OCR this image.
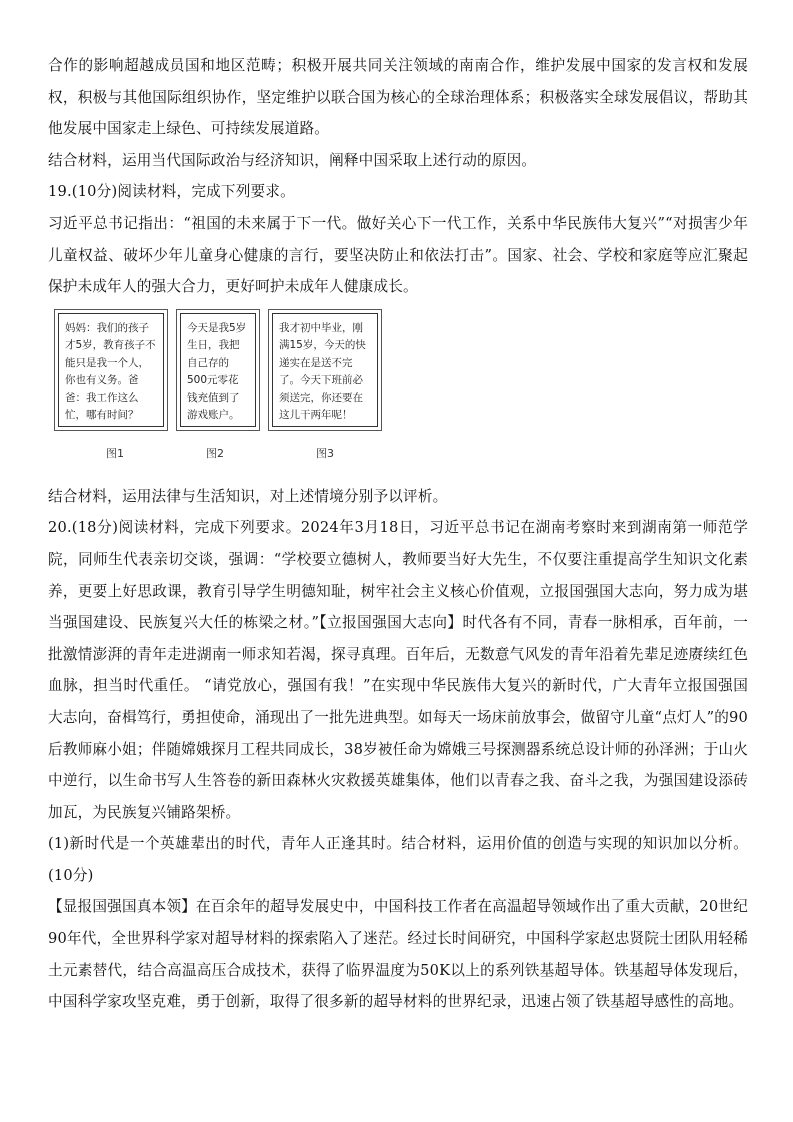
合作的影响超越成员国和地区范畴；积极开展共同关注领域的南南合作，维护发展中国家的发言权和发展权，积极与其他国际组织协作，坚定维护以联合国为核心的全球治理体系；积极落实全球发展倡议，帮助其他发展中国家走上绿色、可持续发展道路。

结合材料，运用当代国际政治与经济知识，阐释中国采取上述行动的原因。

19.(10分)阅读材料，完成下列要求。

习近平总书记指出：“祖国的未来属于下一代。做好关心下一代工作，关系中华民族伟大复兴”“对损害少年儿童权益、破坏少年儿童身心健康的言行，要坚决防止和依法打击”。国家、社会、学校和家庭等应汇聚起保护未成年人的强大合力，更好呵护未成年人健康成长。

妈妈：我们的孩子才5岁，教育孩子不能只是我一个人，你也有义务。爸爸：我工作这么忙，哪有时间？
今天是我5岁生日，我把自己存的500元零花钱充值到了游戏账户。
我才初中毕业，刚满15岁，今天的快递实在是送不完了。今天下班前必须送完，你还要在这儿干两年呢！
图1	图2	图3

结合材料，运用法律与生活知识，对上述情境分别予以评析。

20.(18分)阅读材料，完成下列要求。2024年3月18日，习近平总书记在湖南考察时来到湖南第一师范学院，同师生代表亲切交谈，强调：“学校要立德树人，教师要当好大先生，不仅要注重提高学生知识文化素养，更要上好思政课，教育引导学生明德知耻，树牢社会主义核心价值观，立报国强国大志向，努力成为堪当强国建设、民族复兴大任的栋梁之材。”【立报国强国大志向】时代各有不同，青春一脉相承，百年前，一批激情澎湃的青年走进湖南一师求知若渴，探寻真理。百年后，无数意气风发的青年沿着先辈足迹赓续红色血脉，担当时代重任。 “请党放心，强国有我！”在实现中华民族伟大复兴的新时代，广大青年立报国强国大志向，奋楫笃行，勇担使命，涌现出了一批先进典型。如每天一场床前放事会，做留守儿童“点灯人”的90后教师麻小姐；伴随嫦娥探月工程共同成长，38岁被任命为嫦娥三号探测器系统总设计师的孙泽洲；于山火中逆行，以生命书写人生答卷的新田森林火灾救援英雄集体，他们以青春之我、奋斗之我，为强国建设添砖加瓦，为民族复兴铺路架桥。

(1)新时代是一个英雄辈出的时代，青年人正逢其时。结合材料，运用价值的创造与实现的知识加以分析。(10分)

【显报国强国真本领】在百余年的超导发展史中，中国科技工作者在高温超导领域作出了重大贡献，20世纪90年代，全世界科学家对超导材料的探索陷入了迷茫。经过长时间研究，中国科学家赵忠贤院士团队用轻稀土元素替代，结合高温高压合成技术，获得了临界温度为50K以上的系列铁基超导体。铁基超导体发现后，中国科学家攻坚克难，勇于创新，取得了很多新的超导材料的世界纪录，迅速占领了铁基超导感性的高地。
